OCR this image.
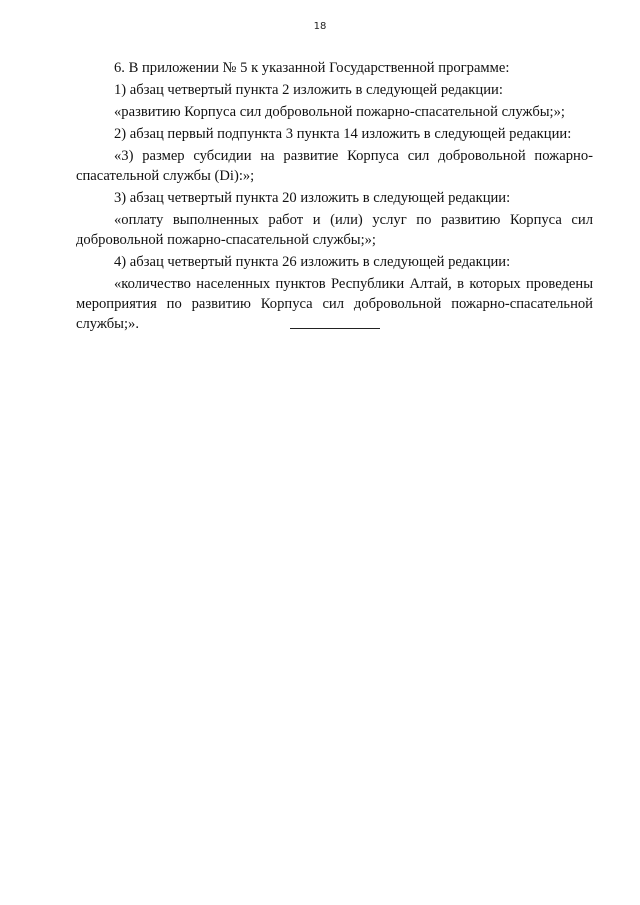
18

6. В приложении № 5 к указанной Государственной программе:

1) абзац четвертый пункта 2 изложить в следующей редакции:

«развитию Корпуса сил добровольной пожарно-спасательной службы;»;

2) абзац первый подпункта 3 пункта 14 изложить в следующей редакции:

«3) размер субсидии на развитие Корпуса сил добровольной пожарно-спасательной службы (Di):»;

3) абзац четвертый пункта 20 изложить в следующей редакции:

«оплату выполненных работ и (или) услуг по развитию Корпуса сил добровольной пожарно-спасательной службы;»;

4) абзац четвертый пункта 26 изложить в следующей редакции:

«количество населенных пунктов Республики Алтай, в которых проведены мероприятия по развитию Корпуса сил добровольной пожарно-спасательной службы;».
